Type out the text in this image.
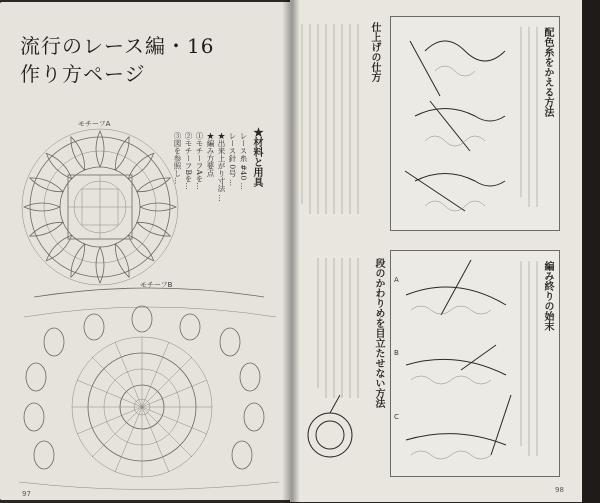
流行のレース編・16
作り方ページ
モチーフA
モチーフB
★材料と用具
レース糸 #40 ...
レース針 0号 ...
★出来上がり寸法 ...
★編み方要点
①モチーフAを...
②モチーフBを...
③図を参照し...
97
仕上げの仕方	配色糸をかえる方法
段のかわりめを目立たせない方法 A
B
C
編み終りの始末
98
